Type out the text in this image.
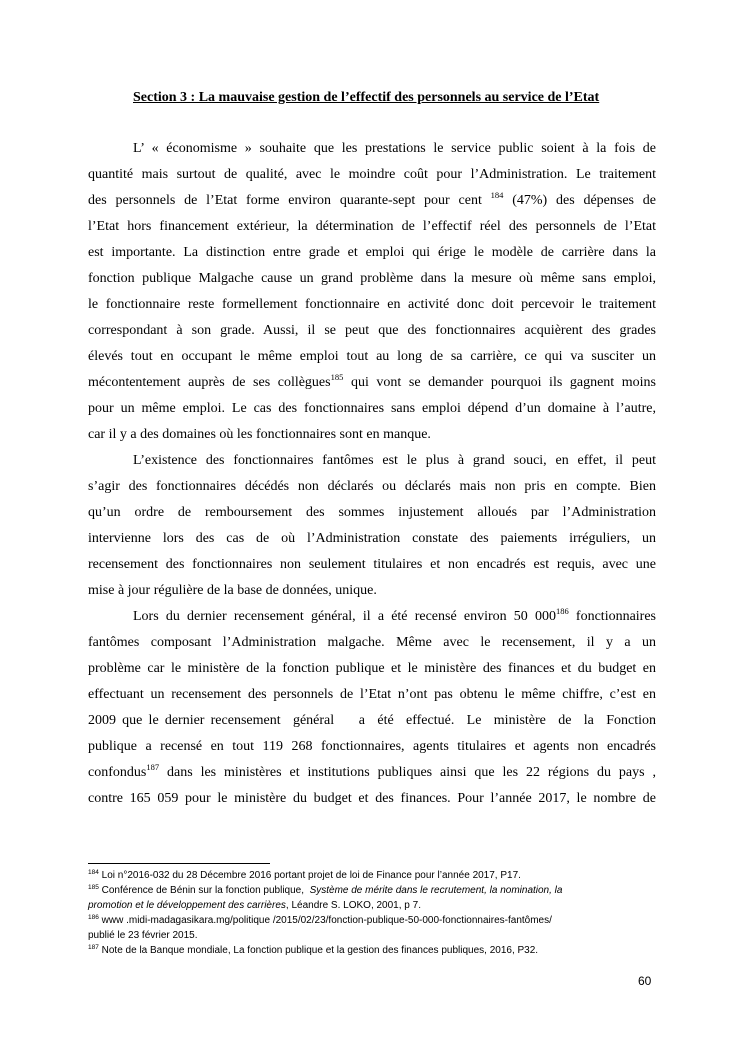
Section 3 : La mauvaise gestion de l’effectif des personnels au service de l’Etat
L’ « économisme » souhaite que les prestations le service public soient à la fois de
quantité mais surtout de qualité, avec le moindre coût pour l’Administration. Le traitement
des personnels de l’Etat forme environ quarante-sept pour cent $^{184}$ (47%) des dépenses de
l’Etat hors financement extérieur, la détermination de l’effectif réel des personnels de l’Etat
est importante. La distinction entre grade et emploi qui érige le modèle de carrière dans la
fonction publique Malgache cause un grand problème dans la mesure où même sans emploi,
le fonctionnaire reste formellement fonctionnaire en activité donc doit percevoir le traitement
correspondant à son grade. Aussi, il se peut que des fonctionnaires acquièrent des grades
élevés tout en occupant le même emploi tout au long de sa carrière, ce qui va susciter un
mécontentement auprès de ses collègues$^{185}$ qui vont se demander pourquoi ils gagnent moins
pour un même emploi. Le cas des fonctionnaires sans emploi dépend d’un domaine à l’autre,
car il y a des domaines où les fonctionnaires sont en manque.
L’existence des fonctionnaires fantômes est le plus à grand souci, en effet, il peut
s’agir des fonctionnaires décédés non déclarés ou déclarés mais non pris en compte. Bien
qu’un ordre de remboursement des sommes injustement alloués par l’Administration
intervienne lors des cas de où l’Administration constate des paiements irréguliers, un
recensement des fonctionnaires non seulement titulaires et non encadrés est requis, avec une
mise à jour régulière de la base de données, unique.
Lors du dernier recensement général, il a été recensé environ 50 $000^{186}$ fonctionnaires
fantômes composant l’Administration malgache. Même avec le recensement, il y a un
problème car le ministère de la fonction publique et le ministère des finances et du budget en
effectuant un recensement des personnels de l’Etat n’ont pas obtenu le même chiffre, c’est en
2009 que le dernier recensement  général    a  été  effectué.  Le  ministère  de  la  Fonction
publique a recensé en tout 119 268 fonctionnaires, agents titulaires et agents non encadrés
confondus$^{187}$ dans les ministères et institutions publiques ainsi que les 22 régions du pays ,
contre 165 059 pour le ministère du budget et des finances. Pour l’année 2017, le nombre de
$^{184}$ Loi n°2016-032 du 28 Décembre 2016 portant projet de loi de Finance pour l’année 2017, P17.
$^{185}$ Conférence de Bénin sur la fonction publique,  Système de mérite dans le recrutement, la nomination, la
promotion et le développement des carrières, Léandre S. LOKO, 2001, p 7.
$^{186}$ www .midi-madagasikara.mg/politique /2015/02/23/fonction-publique-50-000-fonctionnaires-fantômes/
publié le 23 février 2015.
$^{187}$ Note de la Banque mondiale, La fonction publique et la gestion des finances publiques, 2016, P32.
60
